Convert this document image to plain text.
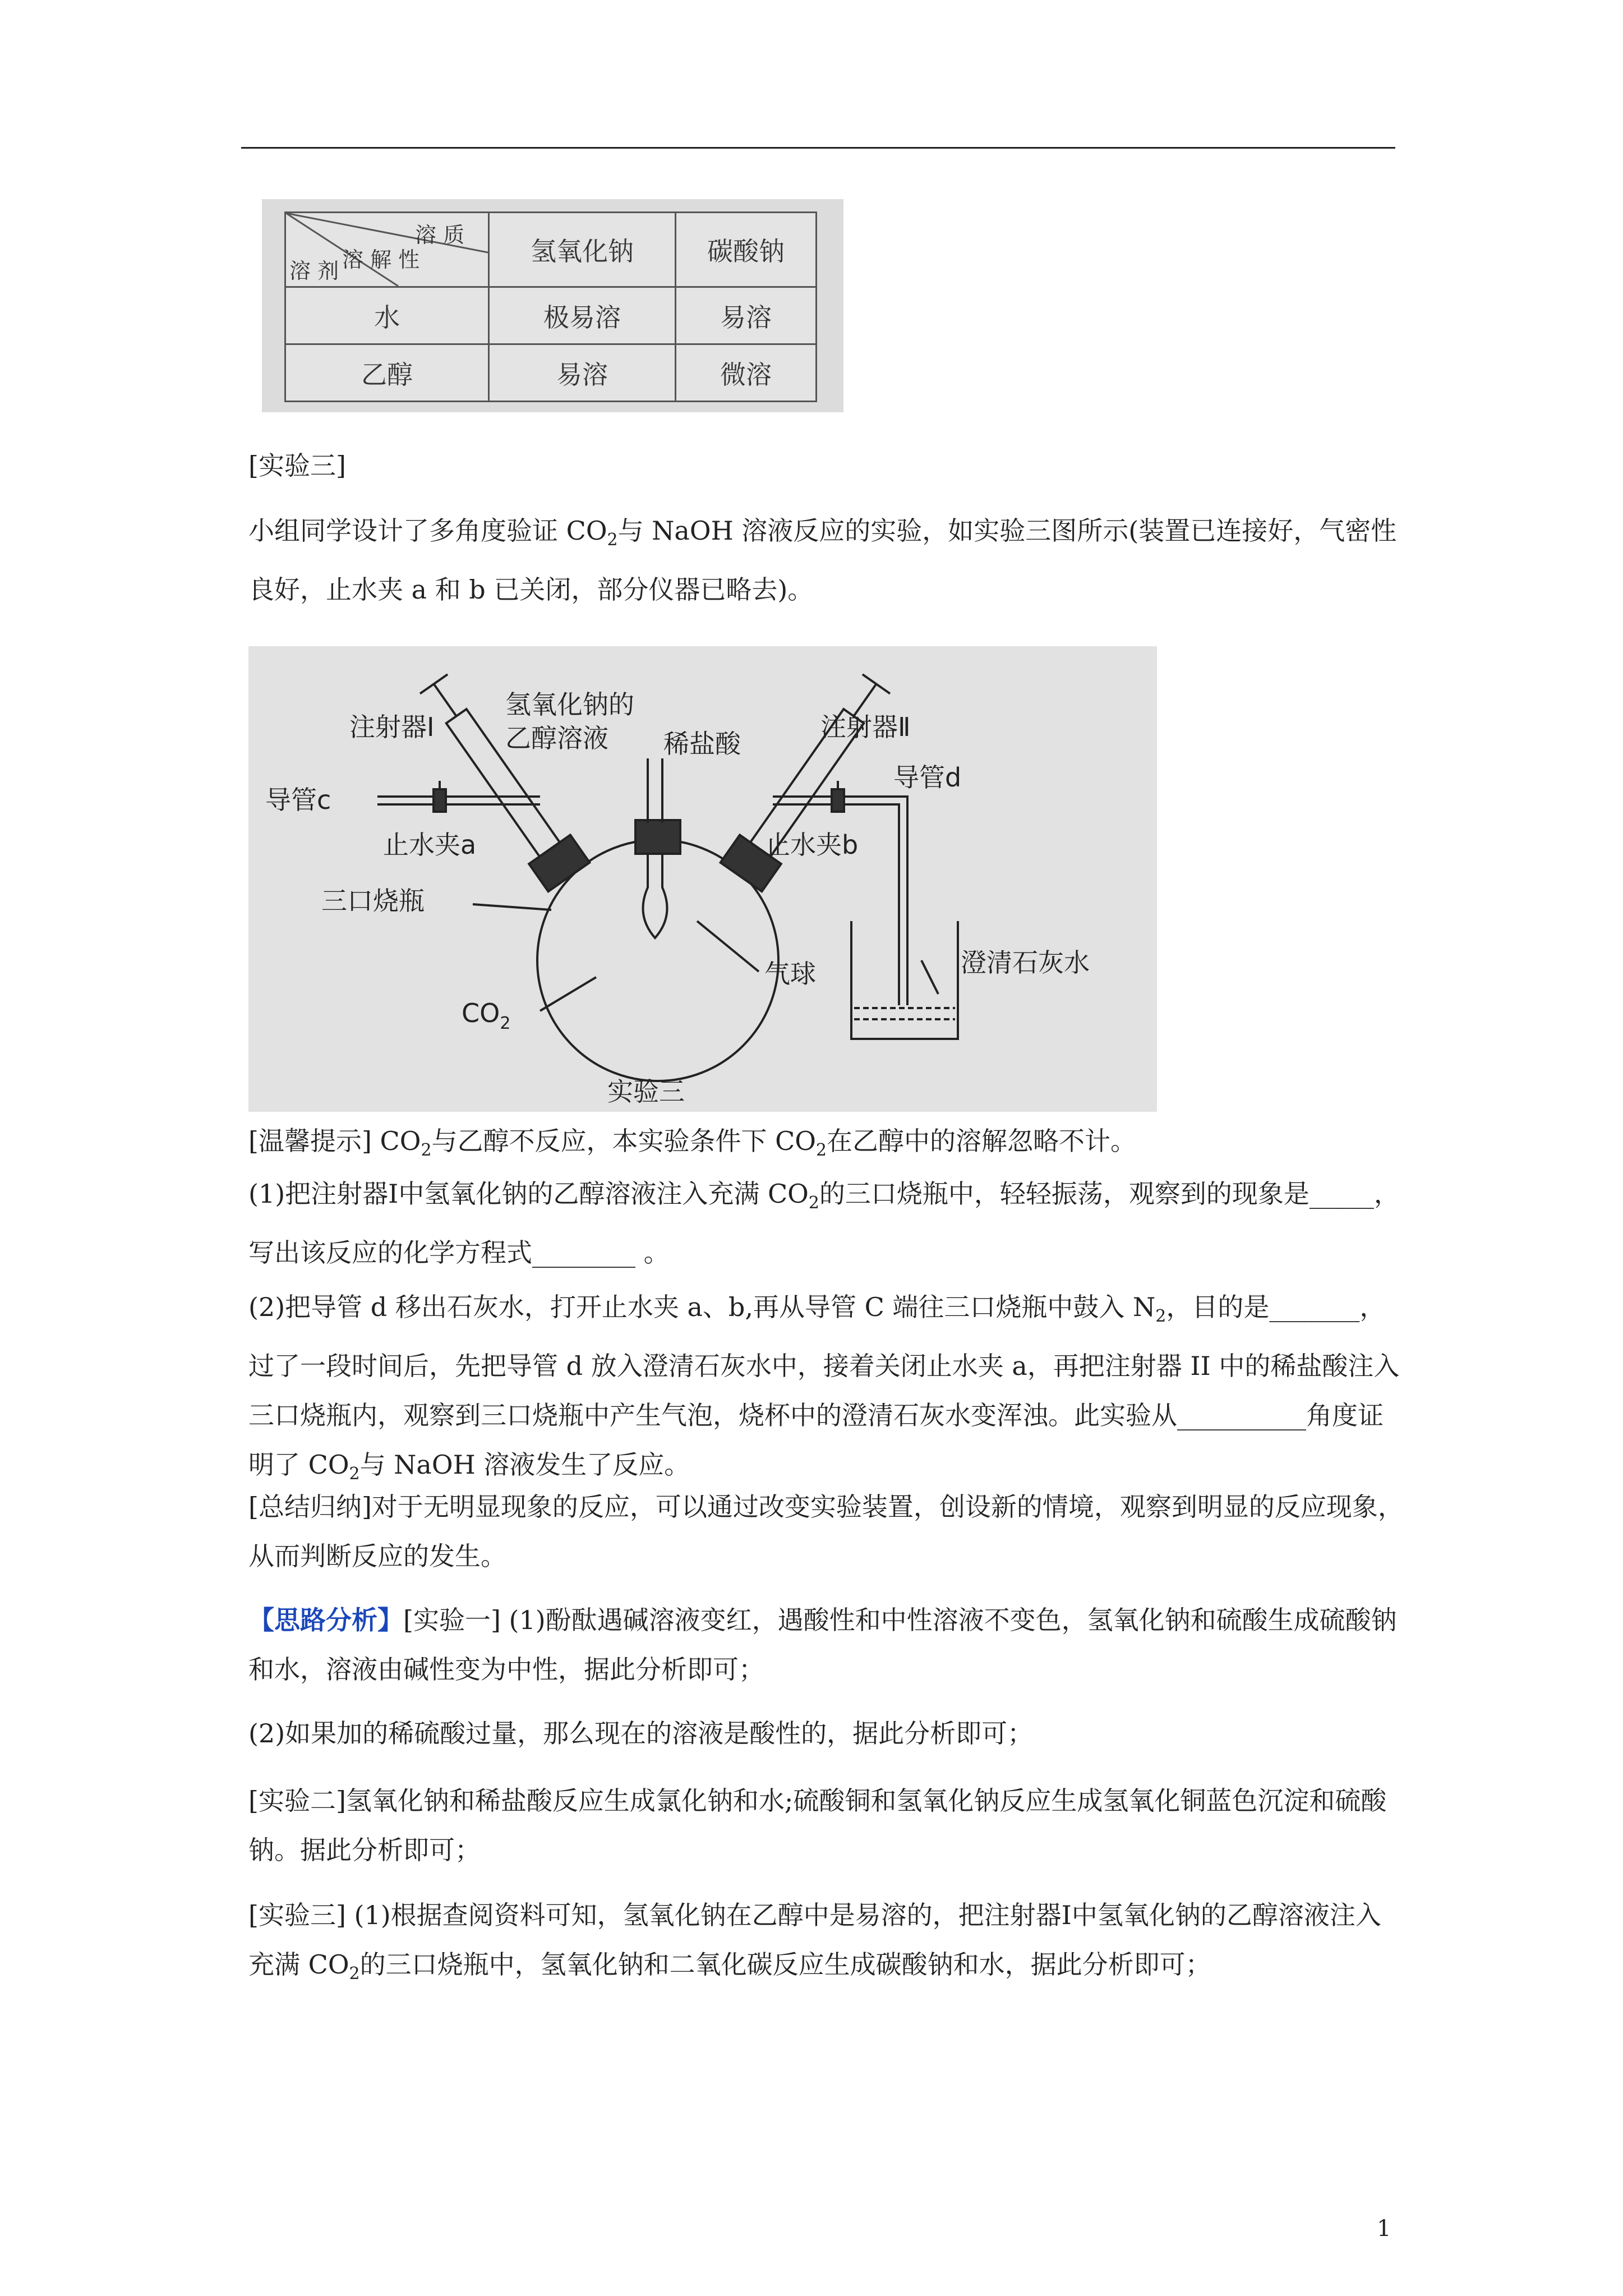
溶 质
溶 解 性
溶 剂	氢氧化钠	碳酸钠
水	极易溶	易溶
乙醇	易溶	微溶

[实验三]

小组同学设计了多角度验证 $CO_2$与 NaOH 溶液反应的实验，如实验三图所示(装置已连接好，气密性良好，止水夹 a 和 b 已关闭，部分仪器已略去)。

氢氧化钠的
乙醇溶液
注射器Ⅰ
稀盐酸
注射器Ⅱ
导管c
导管d
止水夹a	止水夹b
三口烧瓶
澄清石灰水
$CO_2$
气球
实验三

[温馨提示] $CO_2$与乙醇不反应，本实验条件下 $CO_2$在乙醇中的溶解忽略不计。

(1)把注射器Ⅰ中氢氧化钠的乙醇溶液注入充满 $CO_2$的三口烧瓶中，轻轻振荡，观察到的现象是_____，写出该反应的化学方程式________ 。

(2)把导管 d 移出石灰水，打开止水夹 a、b,再从导管 C 端往三口烧瓶中鼓入 $N_2$，目的是_______，过了一段时间后，先把导管 d 放入澄清石灰水中，接着关闭止水夹 a，再把注射器 II 中的稀盐酸注入三口烧瓶内，观察到三口烧瓶中产生气泡，烧杯中的澄清石灰水变浑浊。此实验从__________角度证明了 $CO_2$与 NaOH 溶液发生了反应。

[总结归纳]对于无明显现象的反应，可以通过改变实验装置，创设新的情境，观察到明显的反应现象，从而判断反应的发生。

【思路分析】[实验一] (1)酚酞遇碱溶液变红，遇酸性和中性溶液不变色，氢氧化钠和硫酸生成硫酸钠和水，溶液由碱性变为中性，据此分析即可；

(2)如果加的稀硫酸过量，那么现在的溶液是酸性的，据此分析即可；

[实验二]氢氧化钠和稀盐酸反应生成氯化钠和水;硫酸铜和氢氧化钠反应生成氢氧化铜蓝色沉淀和硫酸钠。据此分析即可；

[实验三] (1)根据查阅资料可知，氢氧化钠在乙醇中是易溶的，把注射器Ⅰ中氢氧化钠的乙醇溶液注入充满 $CO_2$的三口烧瓶中，氢氧化钠和二氧化碳反应生成碳酸钠和水，据此分析即可；

1
